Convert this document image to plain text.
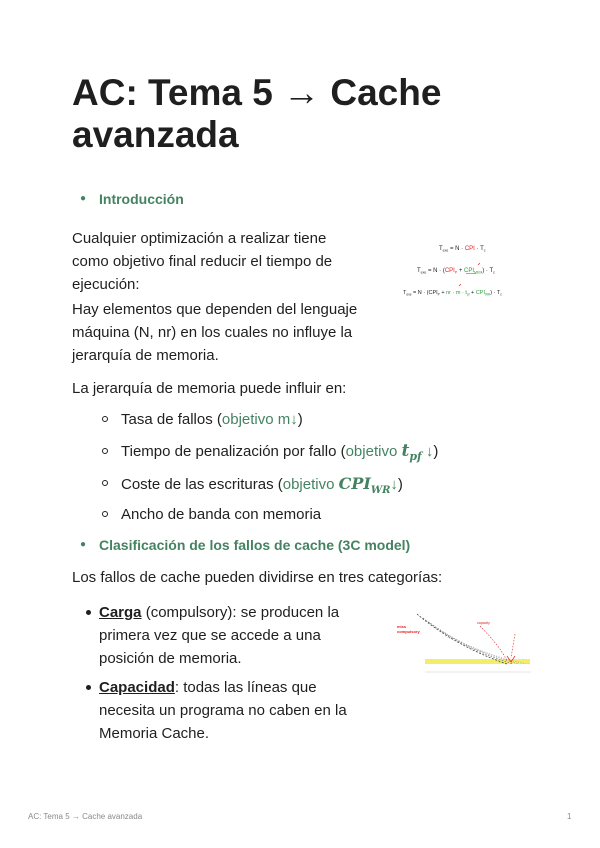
AC: Tema 5 → Cache avanzada
● Introducción

Cualquier optimización a realizar tiene como objetivo final reducir el tiempo de ejecución:

Hay elementos que dependen del lenguaje máquina (N, nr) en los cuales no influye la jerarquía de memoria.

La jerarquía de memoria puede influir en:

$T_{exe} = N$ · CPI · $T_c$
$T_{exe} = N \cdot (CPI_P + CPI_{MEM}) \cdot T_c$
$T_{exe} = N \cdot (CPI_P$ + nr · $m \cdot t_{pf} + CPI_{WR}) \cdot T_c$
Tasa de fallos (objetivo m↓)
Tiempo de penalización por fallo (objetivo $t_{pf}$ ↓)
Coste de las escrituras (objetivo $CPI_{WR}↓$)
Ancho de banda con memoria
● Clasificación de los fallos de cache (3C model)

Los fallos de cache pueden dividirse en tres categorías:

Carga (compulsory): se producen la primera vez que se accede a una posición de memoria.

Capacidad: todas las líneas que necesita un programa no caben en la Memoria Cache.

miss
compulsory
capacity
AC: Tema 5 → Cache avanzada	1
